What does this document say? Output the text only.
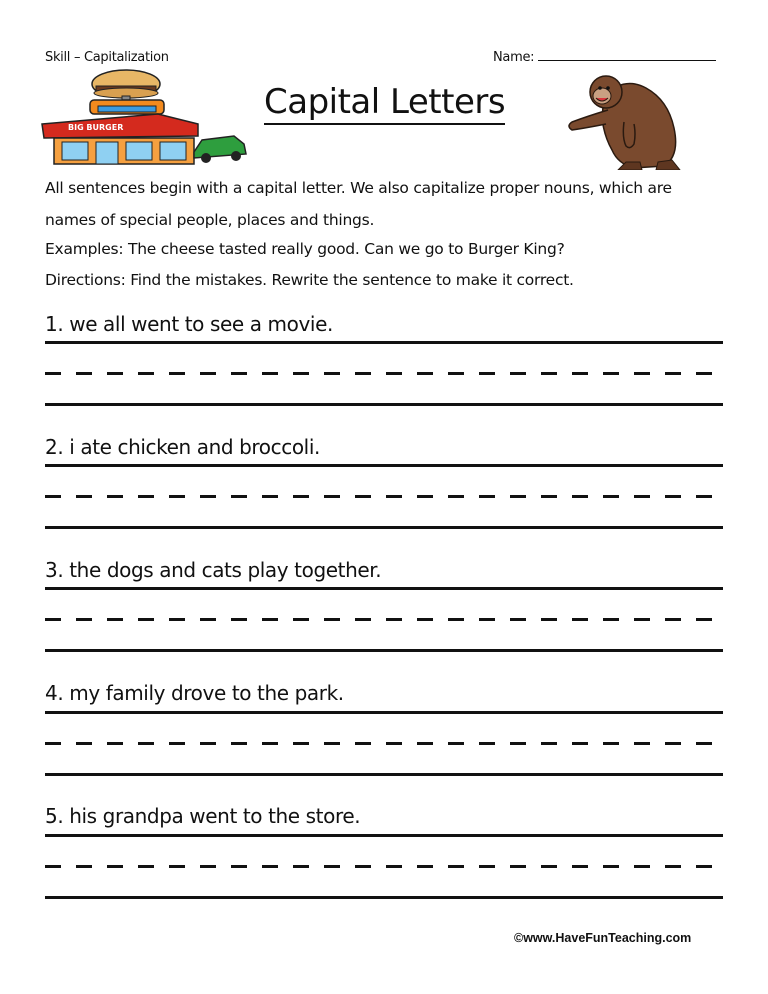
Skill – Capitalization	Name:
BIG BURGER
Capital Letters

All sentences begin with a capital letter. We also capitalize proper nouns, which are

names of special people, places and things.

Examples: The cheese tasted really good. Can we go to Burger King?
Directions: Find the mistakes. Rewrite the sentence to make it correct.
1. we all went to see a movie.
2. i ate chicken and broccoli.
3. the dogs and cats play together.
4. my family drove to the park.
5. his grandpa went to the store.
©www.HaveFunTeaching.com
